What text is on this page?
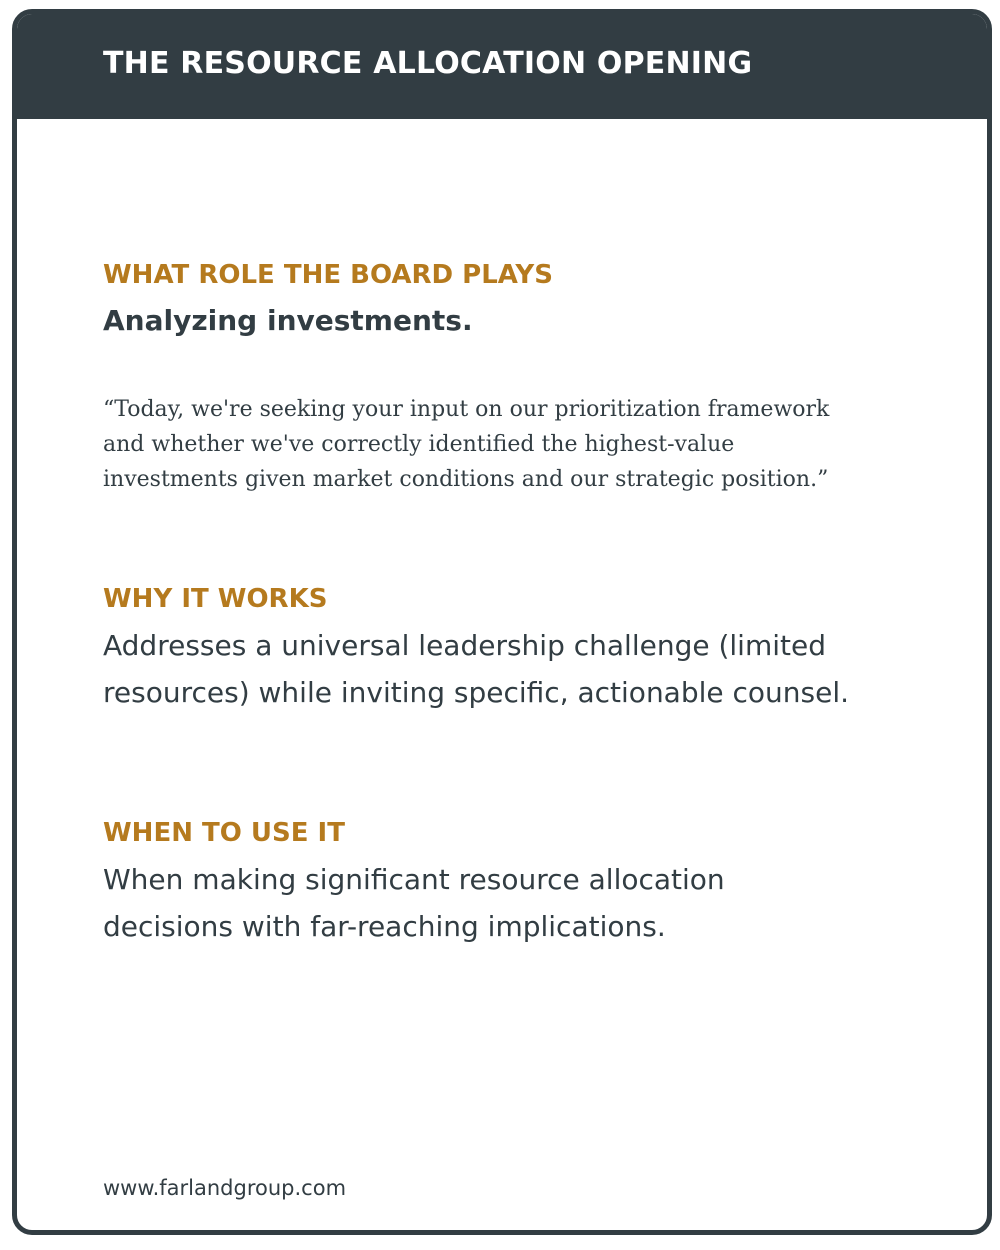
THE RESOURCE ALLOCATION OPENING
WHAT ROLE THE BOARD PLAYS

Analyzing investments.

“Today, we're seeking your input on our prioritization framework and whether we've correctly identified the highest-value investments given market conditions and our strategic position.”

WHY IT WORKS

Addresses a universal leadership challenge (limited resources) while inviting specific, actionable counsel.

WHEN TO USE IT

When making significant resource allocation decisions with far-reaching implications.

www.farlandgroup.com
